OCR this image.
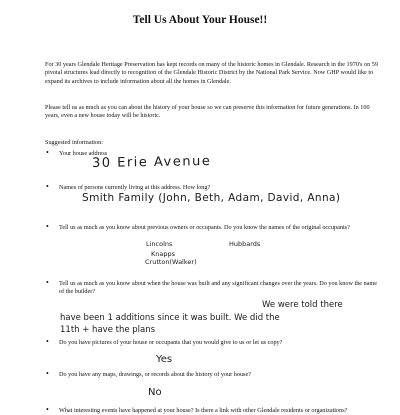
Tell Us About Your House!!
For 30 years Glendale Heritage Preservation has kept records on many of the historic homes in Glendale. Research in the 1970's on 59 pivotal structures lead directly to recognition of the Glendale Historic District by the National Park Service. Now GHP would like to expand its archives to include information about all the homes in Glendale.
Please tell us as much as you can about the history of your house so we can preserve this information for future generations. In 100 years, even a new house today will be historic.
Suggested information:
•	Your house address
30 Erie Avenue
•	Names of persons currently living at this address. How long?
Smith Family (John, Beth, Adam, David, Anna)
•	Tell us as much as you know about previous owners or occupants. Do you know the names of the original occupants?
Lincolns	Hubbards
Knapps
Crutton(Walker)
•	Tell us as much as you know about when the house was built and any significant changes over the years. Do you know the name of the builder?
We were told there
have been 1 additions since it was built. We did the
11th + have the plans
•	Do you have pictures of your house or occupants that you would give to us or let us copy?
Yes
•	Do you have any maps, drawings, or records about the history of your house?
No
•	What interesting events have happened at your house? Is there a link with other Glendale residents or organizations?
